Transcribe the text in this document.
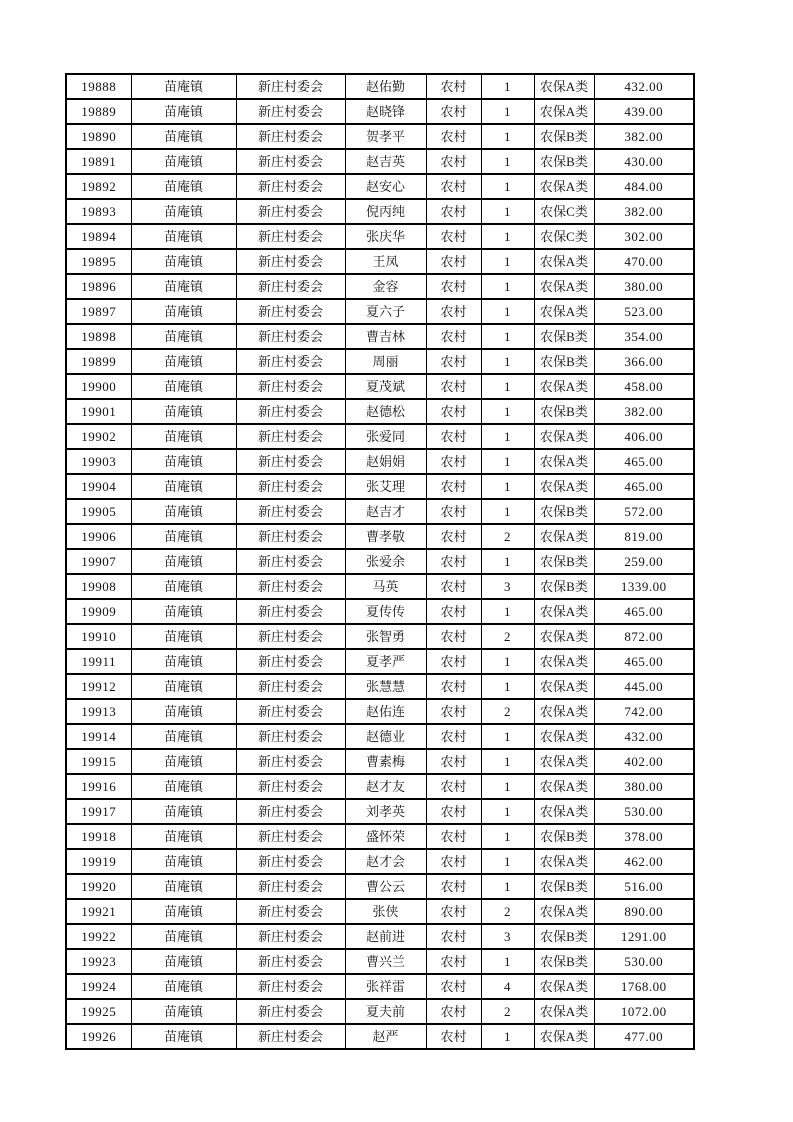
19888	苗庵镇	新庄村委会	赵佑勤	农村	1	农保A类	432.00
19889	苗庵镇	新庄村委会	赵晓锋	农村	1	农保A类	439.00
19890	苗庵镇	新庄村委会	贺孝平	农村	1	农保B类	382.00
19891	苗庵镇	新庄村委会	赵吉英	农村	1	农保B类	430.00
19892	苗庵镇	新庄村委会	赵安心	农村	1	农保A类	484.00
19893	苗庵镇	新庄村委会	倪丙纯	农村	1	农保C类	382.00
19894	苗庵镇	新庄村委会	张庆华	农村	1	农保C类	302.00
19895	苗庵镇	新庄村委会	王凤	农村	1	农保A类	470.00
19896	苗庵镇	新庄村委会	金容	农村	1	农保A类	380.00
19897	苗庵镇	新庄村委会	夏六子	农村	1	农保A类	523.00
19898	苗庵镇	新庄村委会	曹吉林	农村	1	农保B类	354.00
19899	苗庵镇	新庄村委会	周丽	农村	1	农保B类	366.00
19900	苗庵镇	新庄村委会	夏茂斌	农村	1	农保A类	458.00
19901	苗庵镇	新庄村委会	赵德松	农村	1	农保B类	382.00
19902	苗庵镇	新庄村委会	张爱同	农村	1	农保A类	406.00
19903	苗庵镇	新庄村委会	赵娟娟	农村	1	农保A类	465.00
19904	苗庵镇	新庄村委会	张艾理	农村	1	农保A类	465.00
19905	苗庵镇	新庄村委会	赵吉才	农村	1	农保B类	572.00
19906	苗庵镇	新庄村委会	曹孝敬	农村	2	农保A类	819.00
19907	苗庵镇	新庄村委会	张爱余	农村	1	农保B类	259.00
19908	苗庵镇	新庄村委会	马英	农村	3	农保B类	1339.00
19909	苗庵镇	新庄村委会	夏传传	农村	1	农保A类	465.00
19910	苗庵镇	新庄村委会	张智勇	农村	2	农保A类	872.00
19911	苗庵镇	新庄村委会	夏孝严	农村	1	农保A类	465.00
19912	苗庵镇	新庄村委会	张慧慧	农村	1	农保A类	445.00
19913	苗庵镇	新庄村委会	赵佑连	农村	2	农保A类	742.00
19914	苗庵镇	新庄村委会	赵德业	农村	1	农保A类	432.00
19915	苗庵镇	新庄村委会	曹素梅	农村	1	农保A类	402.00
19916	苗庵镇	新庄村委会	赵才友	农村	1	农保A类	380.00
19917	苗庵镇	新庄村委会	刘孝英	农村	1	农保A类	530.00
19918	苗庵镇	新庄村委会	盛怀荣	农村	1	农保B类	378.00
19919	苗庵镇	新庄村委会	赵才会	农村	1	农保A类	462.00
19920	苗庵镇	新庄村委会	曹公云	农村	1	农保B类	516.00
19921	苗庵镇	新庄村委会	张侠	农村	2	农保A类	890.00
19922	苗庵镇	新庄村委会	赵前进	农村	3	农保B类	1291.00
19923	苗庵镇	新庄村委会	曹兴兰	农村	1	农保B类	530.00
19924	苗庵镇	新庄村委会	张祥雷	农村	4	农保A类	1768.00
19925	苗庵镇	新庄村委会	夏夫前	农村	2	农保A类	1072.00
19926	苗庵镇	新庄村委会	赵严	农村	1	农保A类	477.00
